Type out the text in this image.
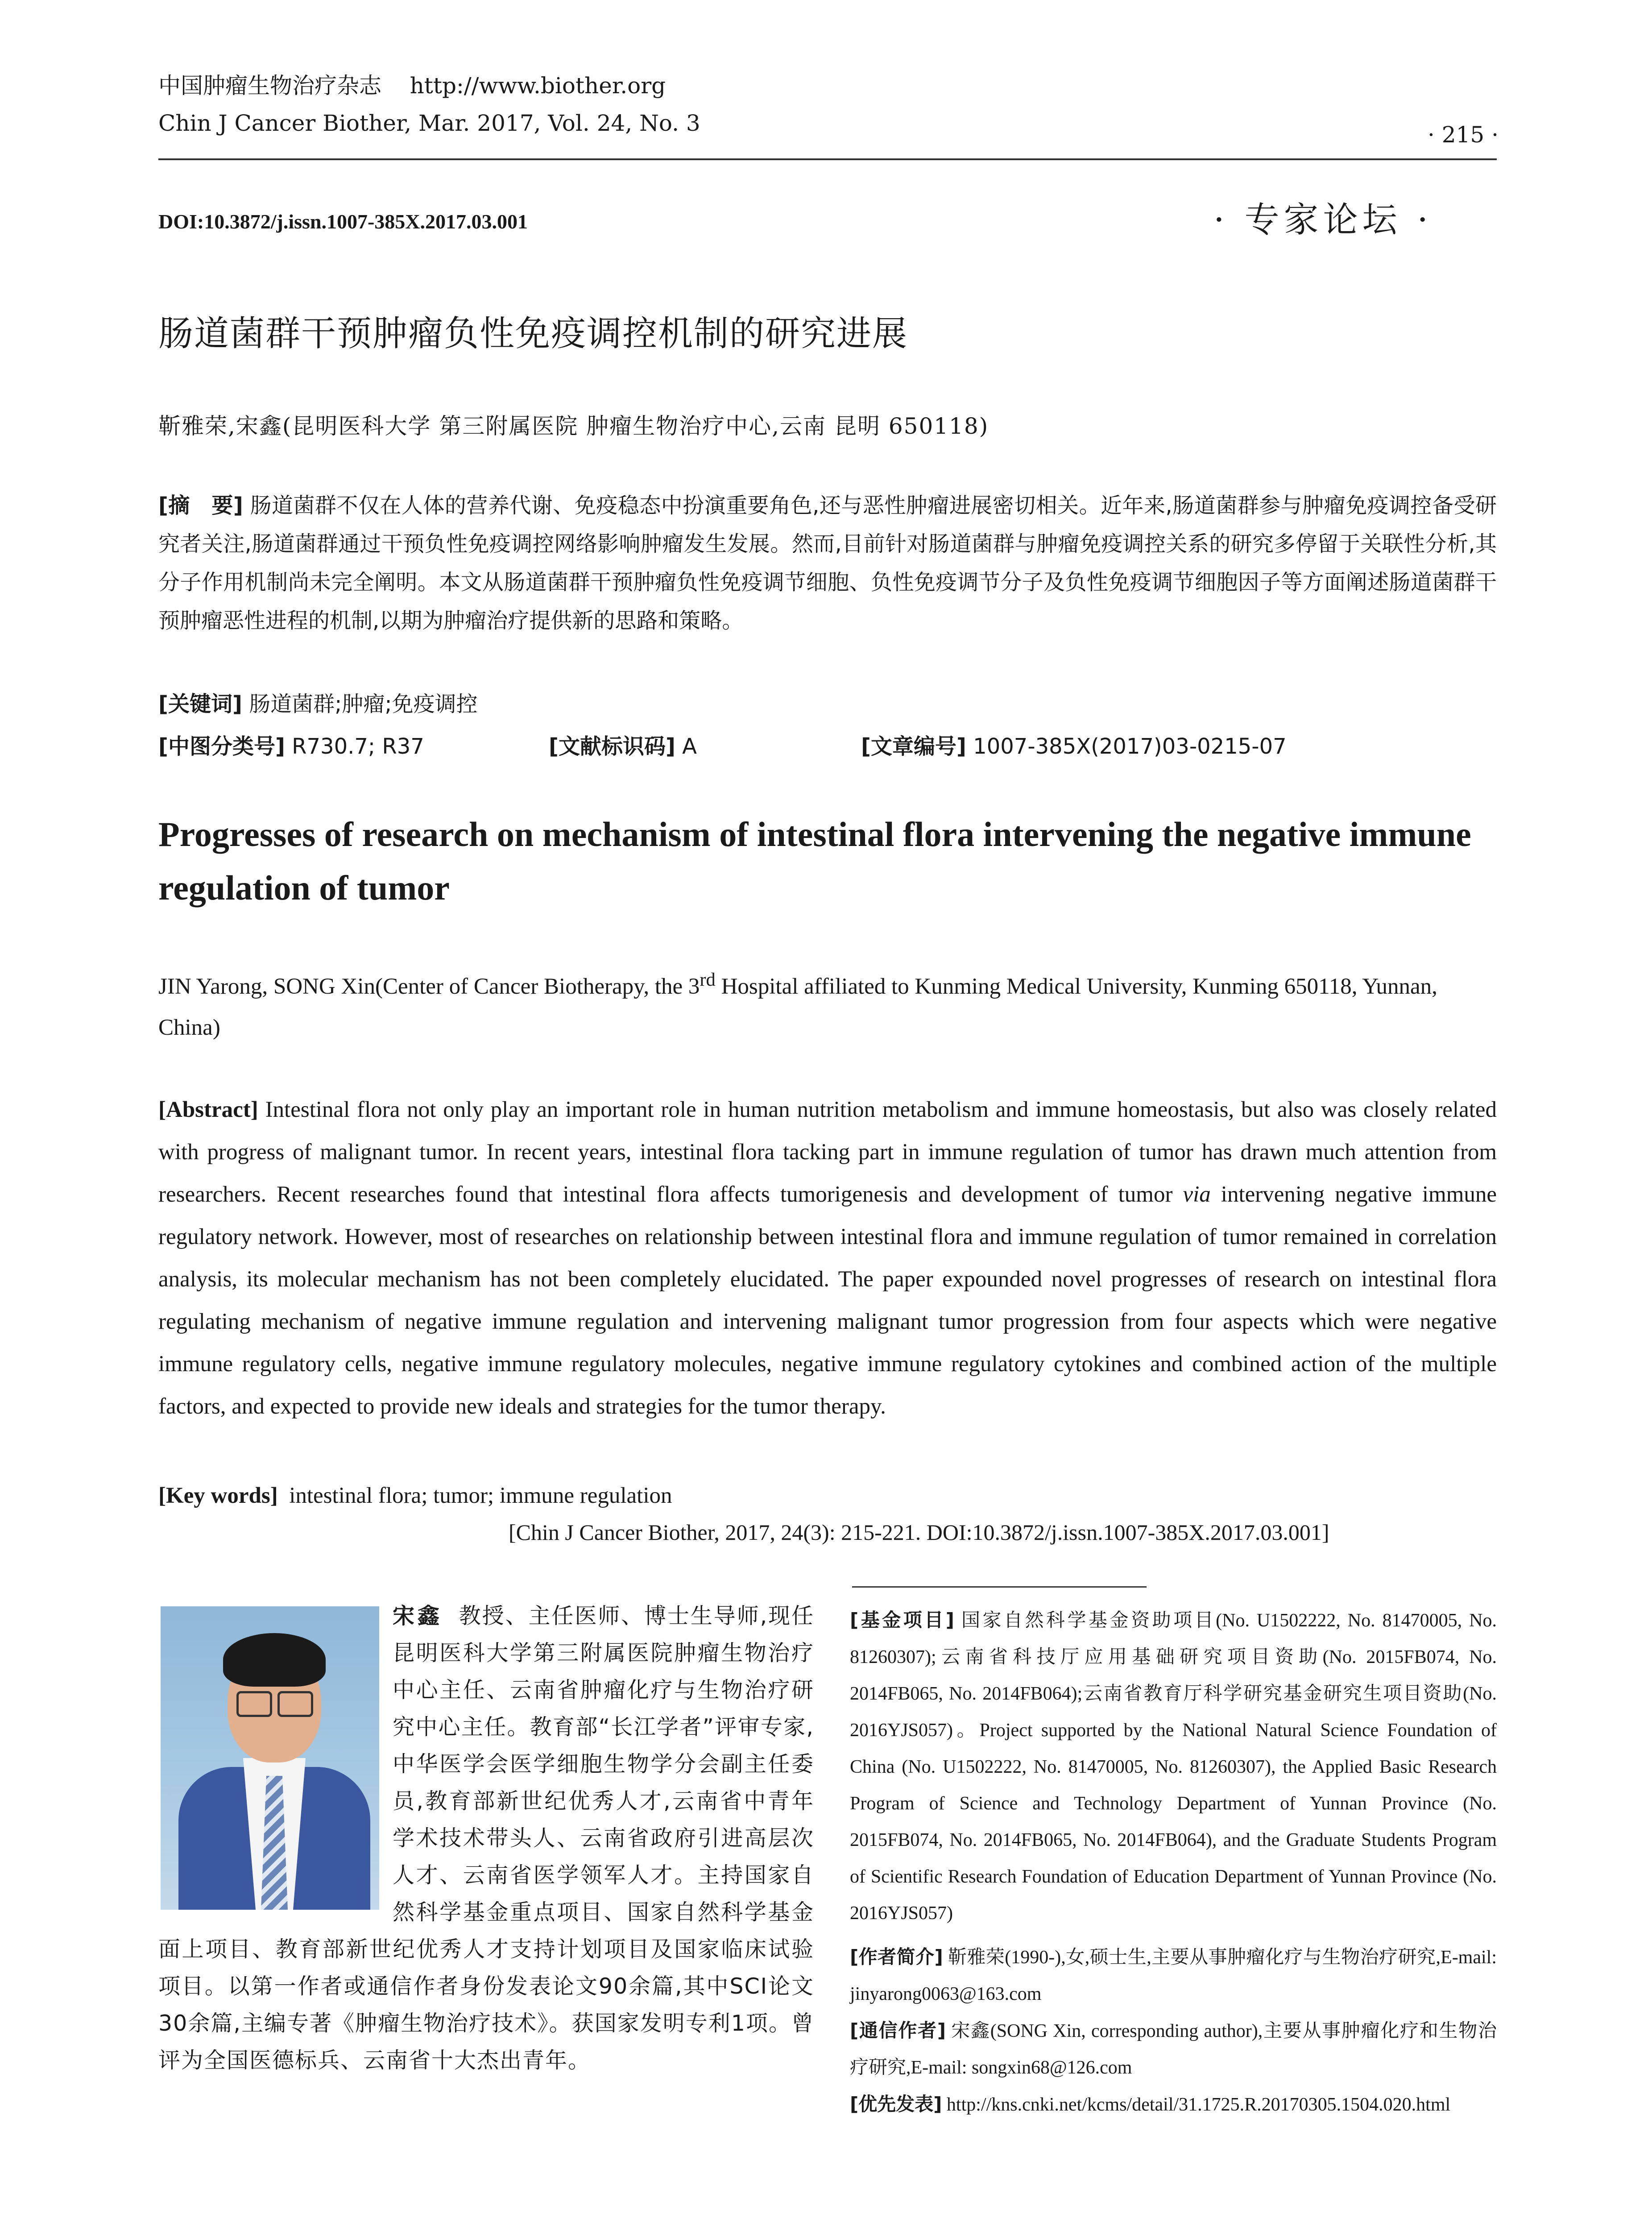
中国肿瘤生物治疗杂志 http://www.biother.org
Chin J Cancer Biother, Mar. 2017, Vol. 24, No. 3	· 215 ·
DOI:10.3872/j.issn.1007-385X.2017.03.001	· 专家论坛 ·
肠道菌群干预肿瘤负性免疫调控机制的研究进展
靳雅荣,宋鑫(昆明医科大学 第三附属医院 肿瘤生物治疗中心,云南 昆明 650118)
[摘　要] 肠道菌群不仅在人体的营养代谢、免疫稳态中扮演重要角色,还与恶性肿瘤进展密切相关。近年来,肠道菌群参与肿瘤免疫调控备受研究者关注,肠道菌群通过干预负性免疫调控网络影响肿瘤发生发展。然而,目前针对肠道菌群与肿瘤免疫调控关系的研究多停留于关联性分析,其分子作用机制尚未完全阐明。本文从肠道菌群干预肿瘤负性免疫调节细胞、负性免疫调节分子及负性免疫调节细胞因子等方面阐述肠道菌群干预肿瘤恶性进程的机制,以期为肿瘤治疗提供新的思路和策略。
[关键词] 肠道菌群;肿瘤;免疫调控
[中图分类号] R730.7; R37	[文献标识码] A	[文章编号] 1007-385X(2017)03-0215-07
Progresses of research on mechanism of intestinal flora intervening the negative immune regulation of tumor
JIN Yarong, SONG Xin(Center of Cancer Biotherapy, the 3rd Hospital affiliated to Kunming Medical University, Kunming 650118, Yunnan, China)
[Abstract] Intestinal flora not only play an important role in human nutrition metabolism and immune homeostasis, but also was closely related with progress of malignant tumor. In recent years, intestinal flora tacking part in immune regulation of tumor has drawn much attention from researchers. Recent researches found that intestinal flora affects tumorigenesis and development of tumor via intervening negative immune regulatory network. However, most of researches on relationship between intestinal flora and immune regulation of tumor remained in correlation analysis, its molecular mechanism has not been completely elucidated. The paper expounded novel progresses of research on intestinal flora regulating mechanism of negative immune regulation and intervening malignant tumor progression from four aspects which were negative immune regulatory cells, negative immune regulatory molecules, negative immune regulatory cytokines and combined action of the multiple factors, and expected to provide new ideals and strategies for the tumor therapy.
[Key words] intestinal flora; tumor; immune regulation
[Chin J Cancer Biother, 2017, 24(3): 215-221. DOI:10.3872/j.issn.1007-385X.2017.03.001]
宋鑫 教授、主任医师、博士生导师,现任昆明医科大学第三附属医院肿瘤生物治疗中心主任、云南省肿瘤化疗与生物治疗研究中心主任。教育部“长江学者”评审专家,中华医学会医学细胞生物学分会副主任委员,教育部新世纪优秀人才,云南省中青年学术技术带头人、云南省政府引进高层次人才、云南省医学领军人才。主持国家自然科学基金重点项目、国家自然科学基金面上项目、教育部新世纪优秀人才支持计划项目及国家临床试验项目。以第一作者或通信作者身份发表论文90余篇,其中SCI论文30余篇,主编专著《肿瘤生物治疗技术》。获国家发明专利1项。曾评为全国医德标兵、云南省十大杰出青年。
[基金项目] 国家自然科学基金资助项目(No. U1502222, No. 81470005, No. 81260307);云南省科技厅应用基础研究项目资助(No. 2015FB074, No. 2014FB065, No. 2014FB064);云南省教育厅科学研究基金研究生项目资助(No. 2016YJS057)。Project supported by the National Natural Science Foundation of China (No. U1502222, No. 81470005, No. 81260307), the Applied Basic Research Program of Science and Technology Department of Yunnan Province (No. 2015FB074, No. 2014FB065, No. 2014FB064), and the Graduate Students Program of Scientific Research Foundation of Education Department of Yunnan Province (No. 2016YJS057)
[作者简介] 靳雅荣(1990-),女,硕士生,主要从事肿瘤化疗与生物治疗研究,E-mail: jinyarong0063@163.com
[通信作者] 宋鑫(SONG Xin, corresponding author),主要从事肿瘤化疗和生物治疗研究,E-mail: songxin68@126.com
[优先发表] http://kns.cnki.net/kcms/detail/31.1725.R.20170305.1504.020.html
